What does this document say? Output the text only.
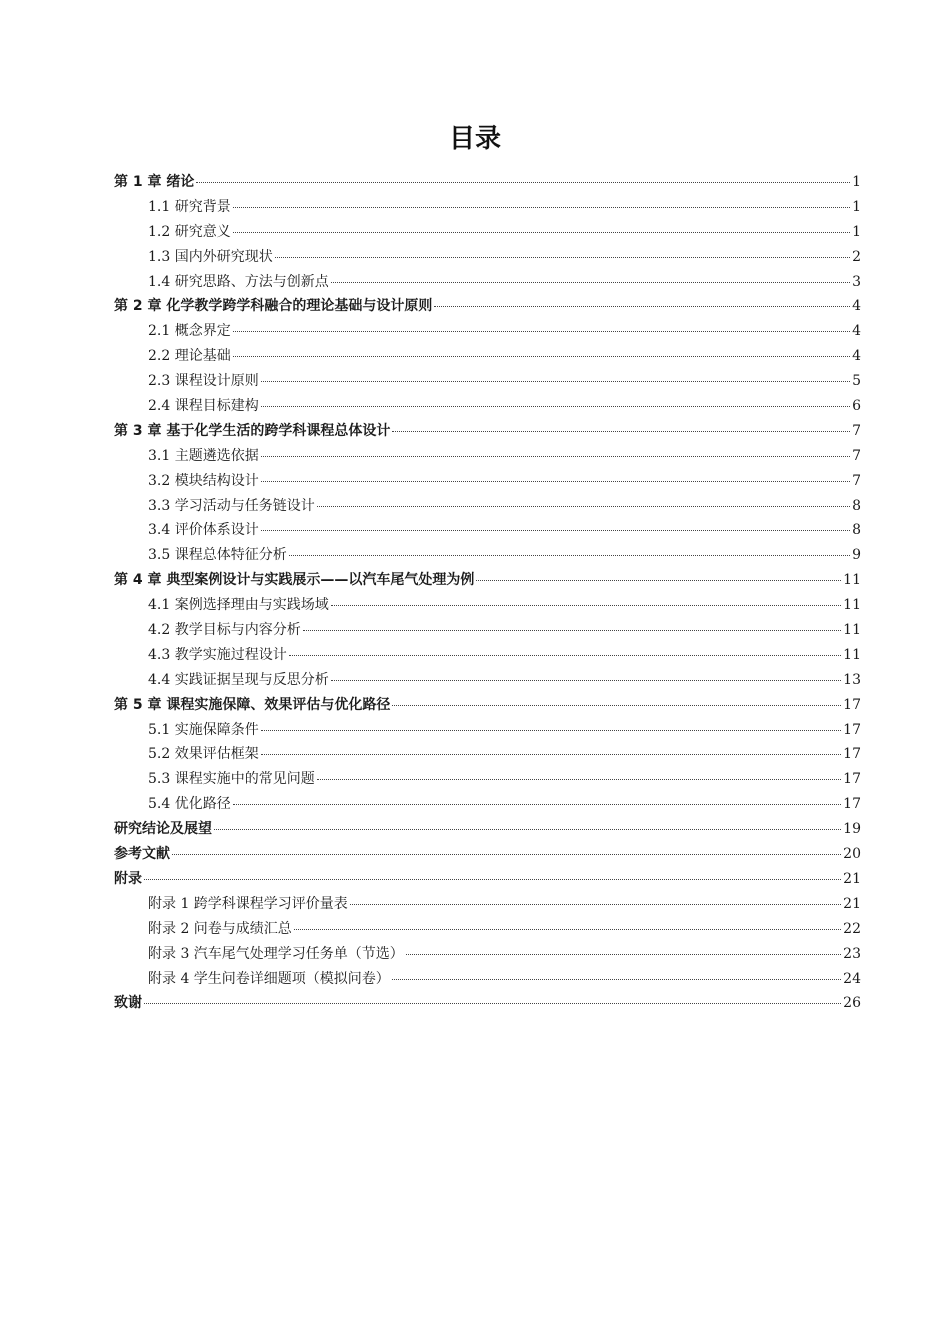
目录
第 1 章 绪论	1
1.1 研究背景	1
1.2 研究意义	1
1.3 国内外研究现状	2
1.4 研究思路、方法与创新点	3
第 2 章 化学教学跨学科融合的理论基础与设计原则	4
2.1 概念界定	4
2.2 理论基础	4
2.3 课程设计原则	5
2.4 课程目标建构	6
第 3 章 基于化学生活的跨学科课程总体设计	7
3.1 主题遴选依据	7
3.2 模块结构设计	7
3.3 学习活动与任务链设计	8
3.4 评价体系设计	8
3.5 课程总体特征分析	9
第 4 章 典型案例设计与实践展示——以汽车尾气处理为例	11
4.1 案例选择理由与实践场域	11
4.2 教学目标与内容分析	11
4.3 教学实施过程设计	11
4.4 实践证据呈现与反思分析	13
第 5 章 课程实施保障、效果评估与优化路径	17
5.1 实施保障条件	17
5.2 效果评估框架	17
5.3 课程实施中的常见问题	17
5.4 优化路径	17
研究结论及展望	19
参考文献	20
附录	21
附录 1 跨学科课程学习评价量表	21
附录 2 问卷与成绩汇总	22
附录 3 汽车尾气处理学习任务单（节选）	23
附录 4 学生问卷详细题项（模拟问卷）	24
致谢	26
